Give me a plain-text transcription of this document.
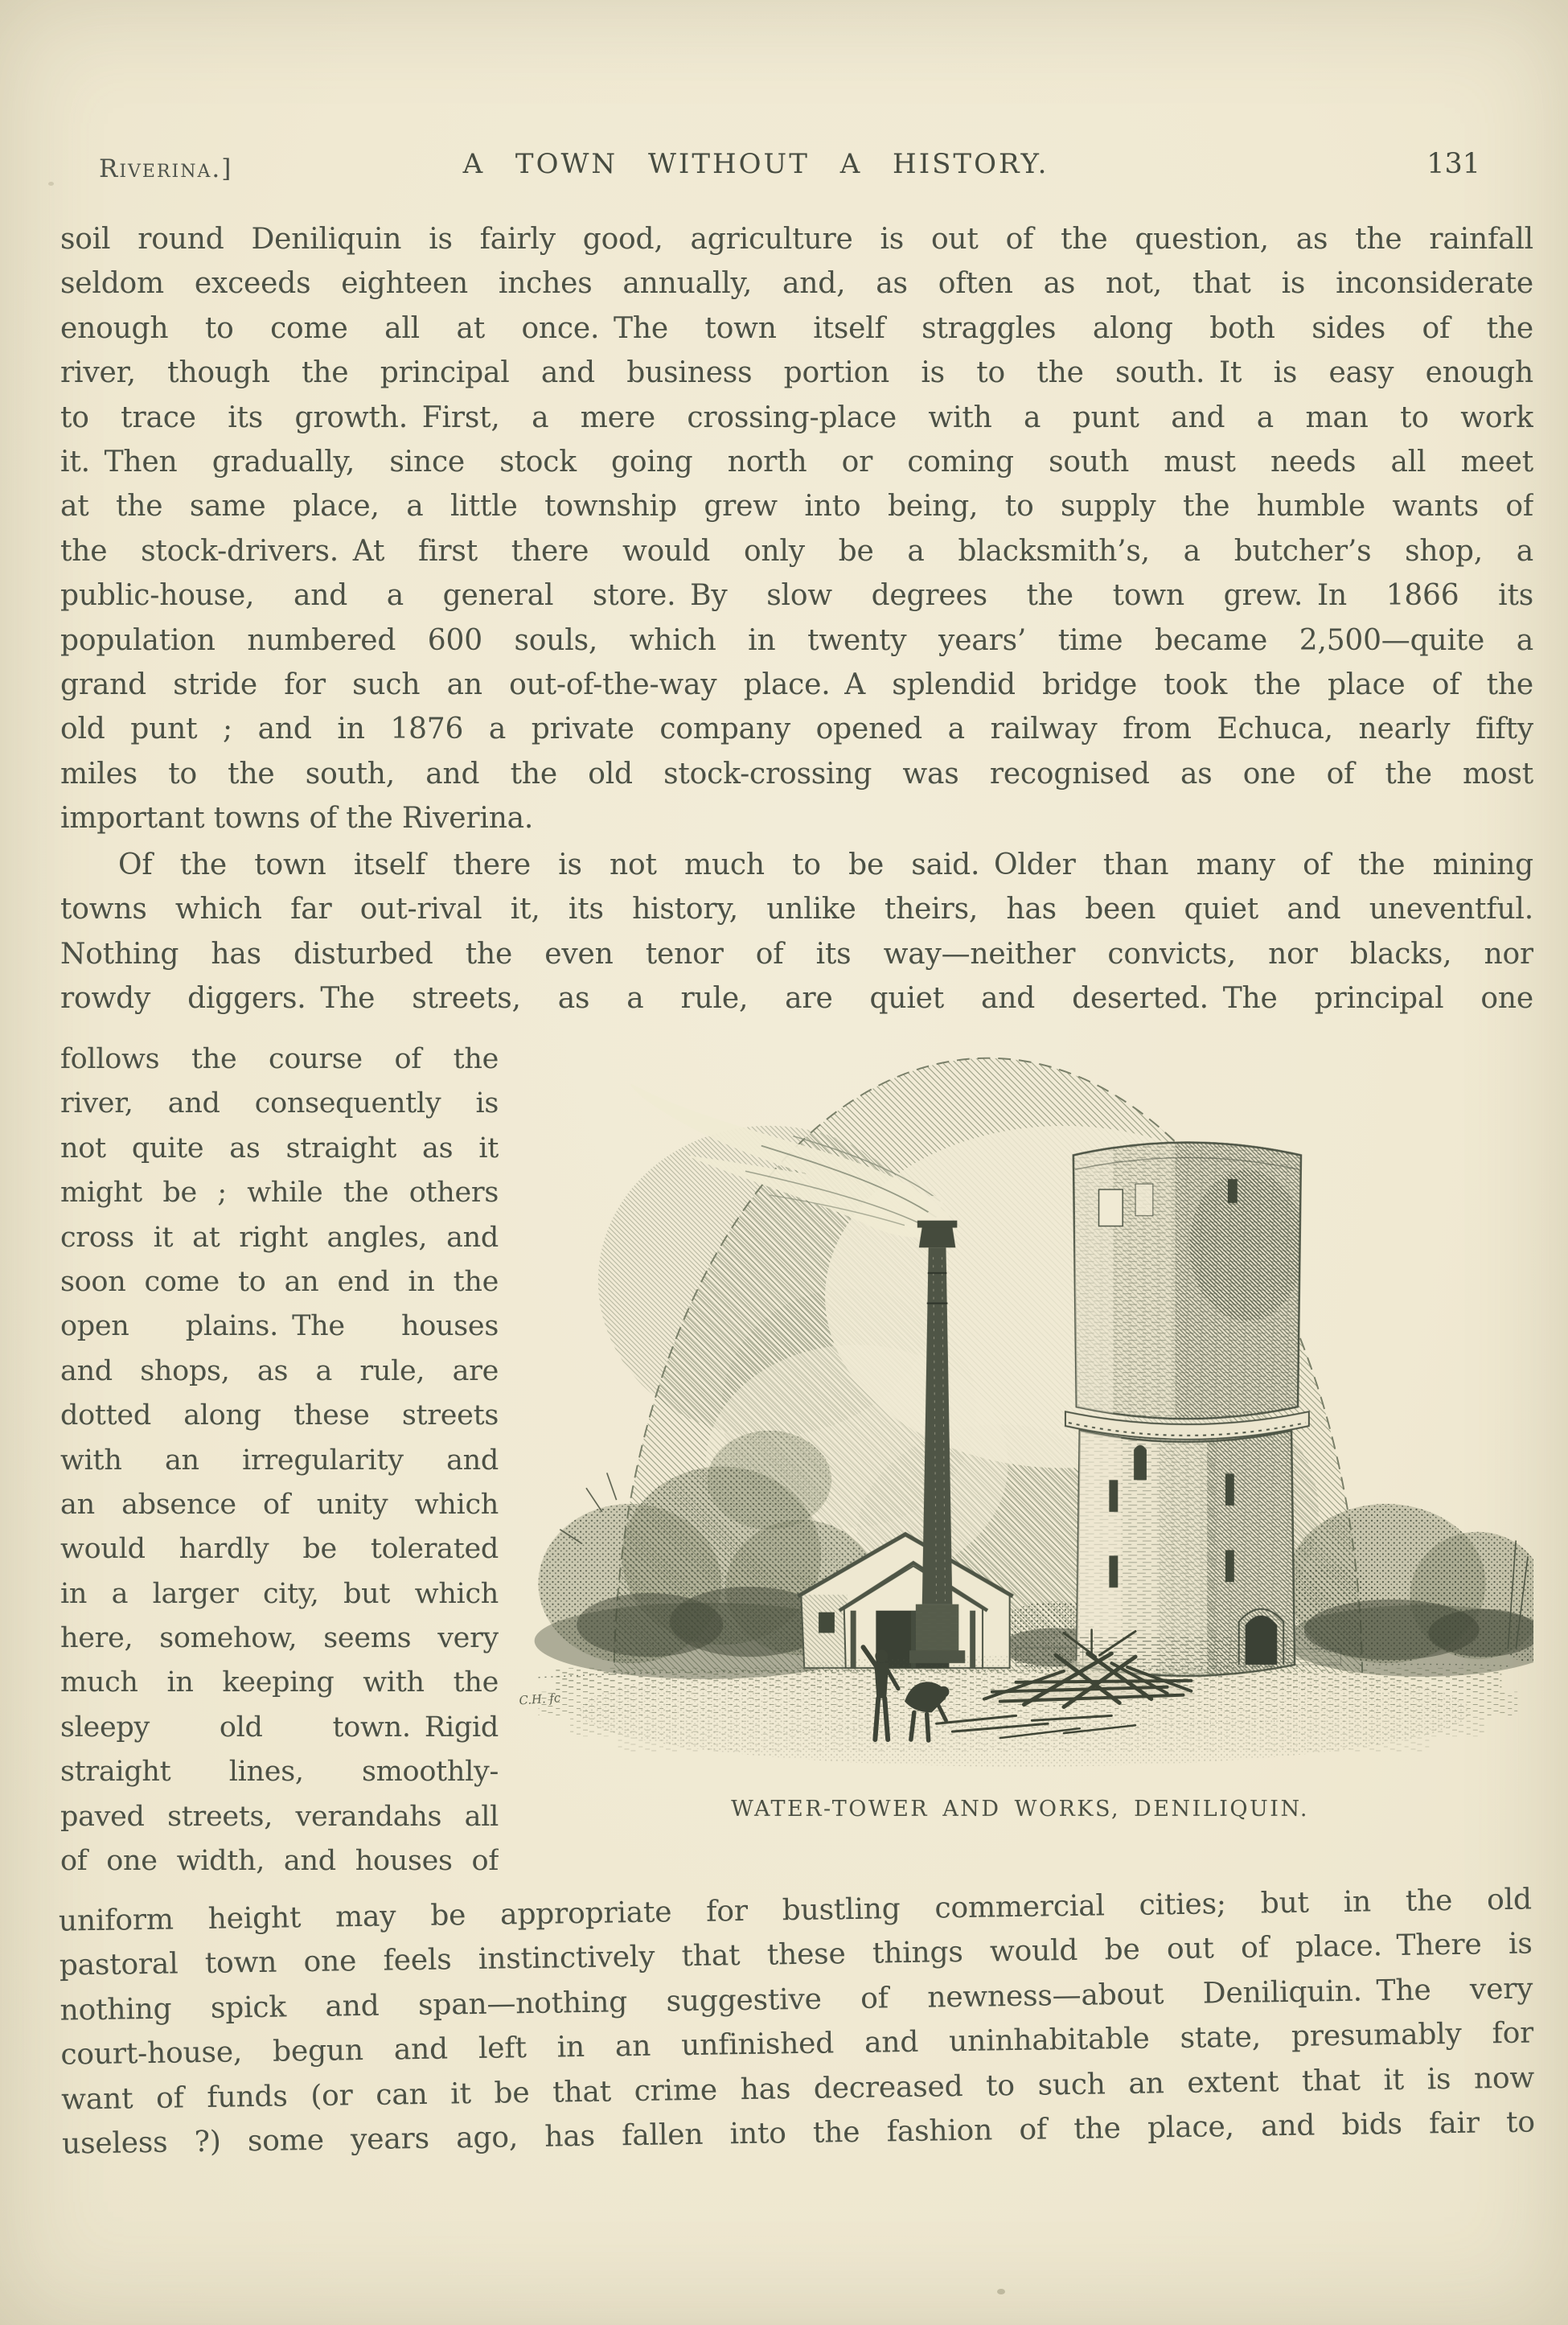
Riverina.]	A TOWN WITHOUT A HISTORY.	131
soil round Deniliquin is fairly good, agriculture is out of the question, as the rainfall
seldom exceeds eighteen inches annually, and, as often as not, that is inconsiderate
enough to come all at once. The town itself straggles along both sides of the
river, though the principal and business portion is to the south. It is easy enough
to trace its growth. First, a mere crossing-place with a punt and a man to work
it. Then gradually, since stock going north or coming south must needs all meet
at the same place, a little township grew into being, to supply the humble wants of
the stock-drivers. At first there would only be a blacksmith’s, a butcher’s shop, a
public-house, and a general store. By slow degrees the town grew. In 1866 its
population numbered 600 souls, which in twenty years’ time became 2,500—quite a
grand stride for such an out-of-the-way place. A splendid bridge took the place of the
old punt ; and in 1876 a private company opened a railway from Echuca, nearly fifty
miles to the south, and the old stock-crossing was recognised as one of the most
important towns of the Riverina.
Of the town itself there is not much to be said. Older than many of the mining
towns which far out-rival it, its history, unlike theirs, has been quiet and uneventful.
Nothing has disturbed the even tenor of its way—neither convicts, nor blacks, nor
rowdy diggers. The streets, as a rule, are quiet and deserted. The principal one
follows the course of the
river, and consequently is
not quite as straight as it
might be ; while the others
cross it at right angles, and
soon come to an end in the
open plains. The houses
and shops, as a rule, are
dotted along these streets
with an irregularity and
an absence of unity which
would hardly be tolerated
in a larger city, but which
here, somehow, seems very
much in keeping with the
sleepy old town. Rigid
straight lines, smoothly-
paved streets, verandahs all
of one width, and houses of
C.H. fc
WATER-TOWER AND WORKS, DENILIQUIN.
uniform height may be appropriate for bustling commercial cities; but in the old
pastoral town one feels instinctively that these things would be out of place. There is
nothing spick and span—nothing suggestive of newness—about Deniliquin. The very
court-house, begun and left in an unfinished and uninhabitable state, presumably for
want of funds (or can it be that crime has decreased to such an extent that it is now
useless ?) some years ago, has fallen into the fashion of the place, and bids fair to
